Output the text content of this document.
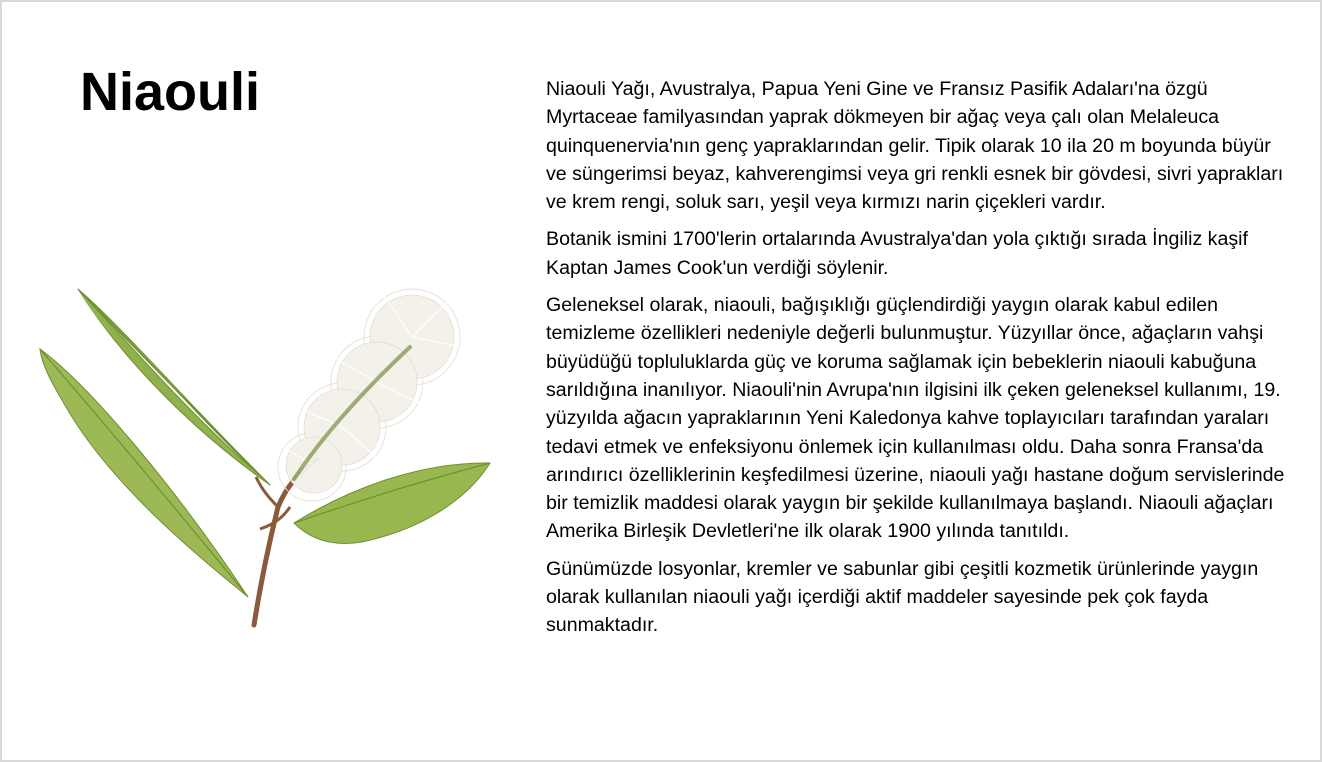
Niaouli	Niaouli Yağı, Avustralya, Papua Yeni Gine ve Fransız Pasifik Adaları'na özgü Myrtaceae familyasından yaprak dökmeyen bir ağaç veya çalı olan Melaleuca quinquenervia'nın genç yapraklarından gelir. Tipik olarak 10 ila 20 m boyunda büyür ve süngerimsi beyaz, kahverengimsi veya gri renkli esnek bir gövdesi, sivri yaprakları ve krem rengi, soluk sarı, yeşil veya kırmızı narin çiçekleri vardır.

Botanik ismini 1700'lerin ortalarında Avustralya'dan yola çıktığı sırada İngiliz kaşif Kaptan James Cook'un verdiği söylenir.

Geleneksel olarak, niaouli, bağışıklığı güçlendirdiği yaygın olarak kabul edilen temizleme özellikleri nedeniyle değerli bulunmuştur. Yüzyıllar önce, ağaçların vahşi büyüdüğü topluluklarda güç ve koruma sağlamak için bebeklerin niaouli kabuğuna sarıldığına inanılıyor. Niaouli'nin Avrupa'nın ilgisini ilk çeken geleneksel kullanımı, 19. yüzyılda ağacın yapraklarının Yeni Kaledonya kahve toplayıcıları tarafından yaraları tedavi etmek ve enfeksiyonu önlemek için kullanılması oldu. Daha sonra Fransa'da arındırıcı özelliklerinin keşfedilmesi üzerine, niaouli yağı hastane doğum servislerinde bir temizlik maddesi olarak yaygın bir şekilde kullanılmaya başlandı. Niaouli ağaçları Amerika Birleşik Devletleri'ne ilk olarak 1900 yılında tanıtıldı.

Günümüzde losyonlar, kremler ve sabunlar gibi çeşitli kozmetik ürünlerinde yaygın olarak kullanılan niaouli yağı içerdiği aktif maddeler sayesinde pek çok fayda sunmaktadır.
